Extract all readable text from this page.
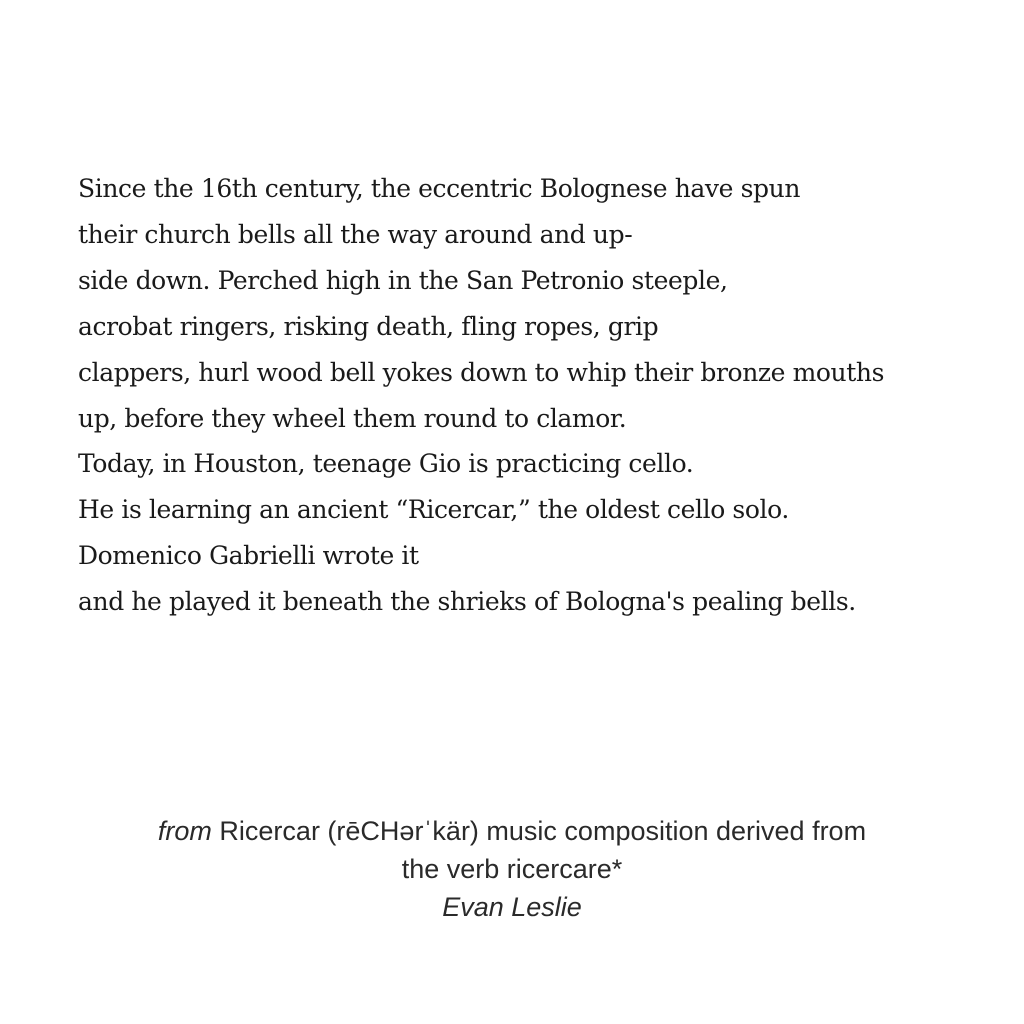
Since the 16th century, the eccentric Bolognese have spun
their church bells all the way around and up-
side down. Perched high in the San Petronio steeple,
acrobat ringers, risking death, fling ropes, grip
clappers, hurl wood bell yokes down to whip their bronze mouths
up, before they wheel them round to clamor.
Today, in Houston, teenage Gio is practicing cello.
He is learning an ancient “Ricercar,” the oldest cello solo.
Domenico Gabrielli wrote it
and he played it beneath the shrieks of Bologna's pealing bells.
from Ricercar (rēCHərˈkär) music composition derived from
the verb ricercare*
Evan Leslie
